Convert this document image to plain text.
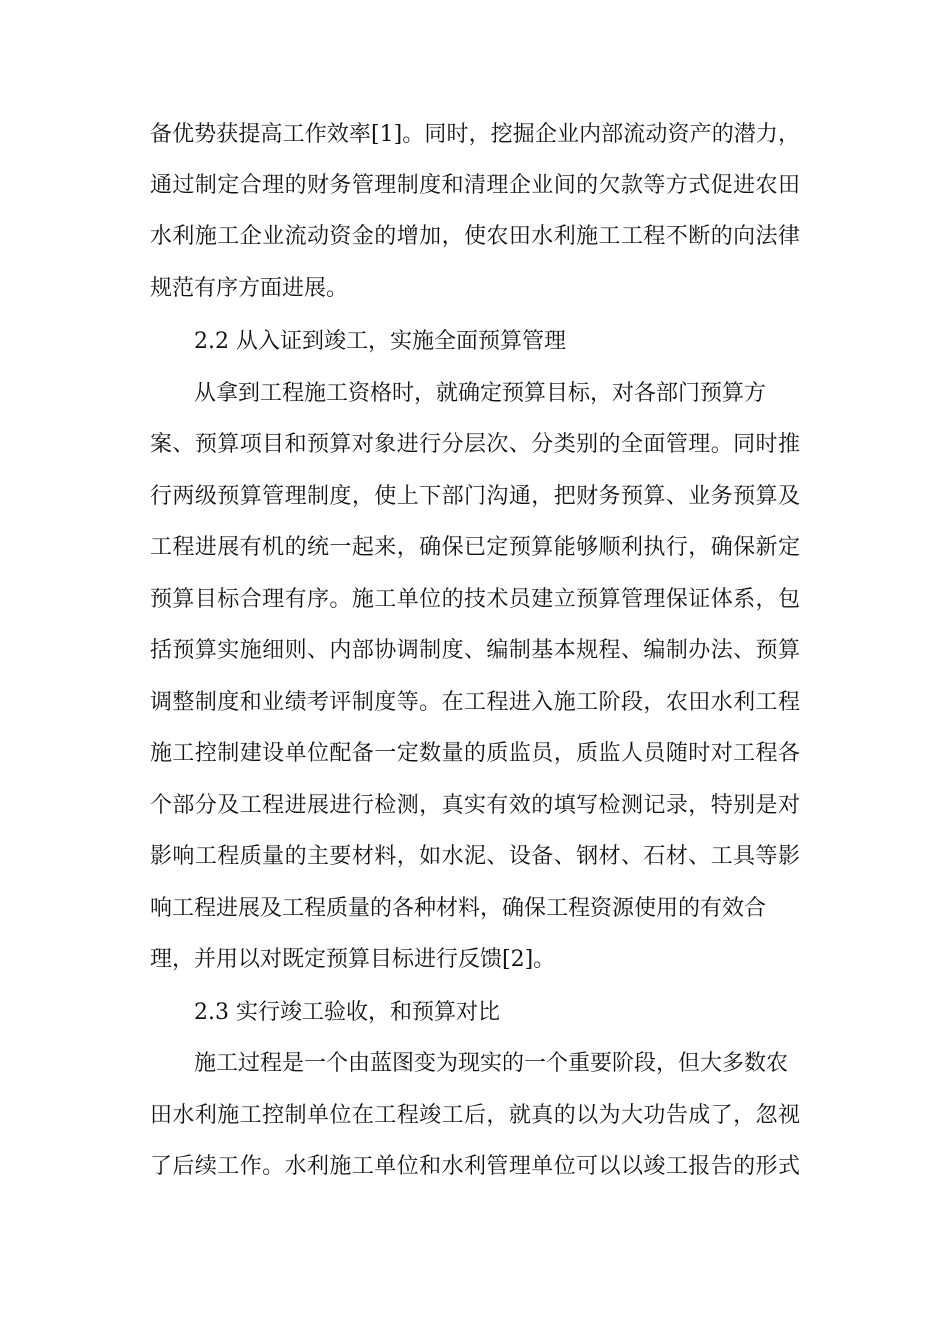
备优势获提高工作效率[1]。同时，挖掘企业内部流动资产的潜力，
通过制定合理的财务管理制度和清理企业间的欠款等方式促进农田
水利施工企业流动资金的增加，使农田水利施工工程不断的向法律
规范有序方面进展。
2.2 从入证到竣工，实施全面预算管理
从拿到工程施工资格时，就确定预算目标，对各部门预算方
案、预算项目和预算对象进行分层次、分类别的全面管理。同时推
行两级预算管理制度，使上下部门沟通，把财务预算、业务预算及
工程进展有机的统一起来，确保已定预算能够顺利执行，确保新定
预算目标合理有序。施工单位的技术员建立预算管理保证体系，包
括预算实施细则、内部协调制度、编制基本规程、编制办法、预算
调整制度和业绩考评制度等。在工程进入施工阶段，农田水利工程
施工控制建设单位配备一定数量的质监员，质监人员随时对工程各
个部分及工程进展进行检测，真实有效的填写检测记录，特别是对
影响工程质量的主要材料，如水泥、设备、钢材、石材、工具等影
响工程进展及工程质量的各种材料，确保工程资源使用的有效合
理，并用以对既定预算目标进行反馈[2]。
2.3 实行竣工验收，和预算对比
施工过程是一个由蓝图变为现实的一个重要阶段，但大多数农
田水利施工控制单位在工程竣工后，就真的以为大功告成了，忽视
了后续工作。水利施工单位和水利管理单位可以以竣工报告的形式
